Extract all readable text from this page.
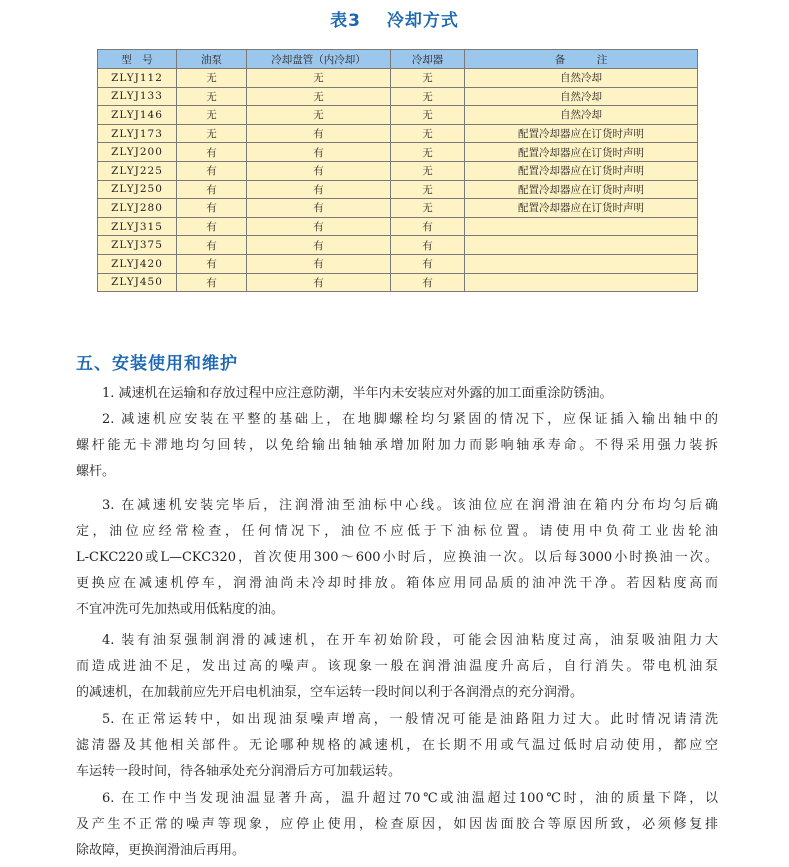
表3 冷却方式
型　号	油泵	冷却盘管（内冷却）	冷却器	备　　　注
ZLYJ112	无	无	无	自然冷却
ZLYJ133	无	无	无	自然冷却
ZLYJ146	无	无	无	自然冷却
ZLYJ173	无	有	无	配置冷却器应在订货时声明
ZLYJ200	有	有	无	配置冷却器应在订货时声明
ZLYJ225	有	有	无	配置冷却器应在订货时声明
ZLYJ250	有	有	无	配置冷却器应在订货时声明
ZLYJ280	有	有	无	配置冷却器应在订货时声明
ZLYJ315	有	有	有	
ZLYJ375	有	有	有	
ZLYJ420	有	有	有	
ZLYJ450	有	有	有	
五、安装使用和维护
1. 减速机在运输和存放过程中应注意防潮，半年内未安装应对外露的加工面重涂防锈油。
2. 减速机应安装在平整的基础上，在地脚螺栓均匀紧固的情况下，应保证插入输出轴中的
螺杆能无卡滞地均匀回转，以免给输出轴轴承增加附加力而影响轴承寿命。不得采用强力装拆
螺杆。
3. 在减速机安装完毕后，注润滑油至油标中心线。该油位应在润滑油在箱内分布均匀后确
定，油位应经常检查，任何情况下，油位不应低于下油标位置。请使用中负荷工业齿轮油
L-CKC220或L—CKC320，首次使用300～600小时后，应换油一次。以后每3000小时换油一次。
更换应在减速机停车，润滑油尚未冷却时排放。箱体应用同品质的油冲洗干净。若因粘度高而
不宜冲洗可先加热或用低粘度的油。
4. 装有油泵强制润滑的减速机，在开车初始阶段，可能会因油粘度过高，油泵吸油阻力大
而造成进油不足，发出过高的噪声。该现象一般在润滑油温度升高后，自行消失。带电机油泵
的减速机，在加载前应先开启电机油泵，空车运转一段时间以利于各润滑点的充分润滑。
5. 在正常运转中，如出现油泵噪声增高，一般情况可能是油路阻力过大。此时情况请清洗
滤清器及其他相关部件。无论哪种规格的减速机，在长期不用或气温过低时启动使用，都应空
车运转一段时间，待各轴承处充分润滑后方可加载运转。
6. 在工作中当发现油温显著升高，温升超过70℃或油温超过100℃时，油的质量下降，以
及产生不正常的噪声等现象，应停止使用，检查原因，如因齿面胶合等原因所致，必须修复排
除故障，更换润滑油后再用。
